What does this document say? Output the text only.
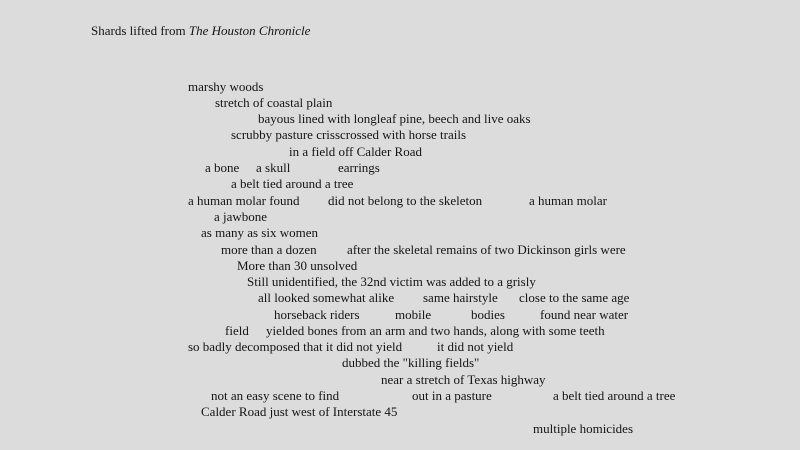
Shards lifted from The Houston Chronicle
marshy woods
stretch of coastal plain
bayous lined with longleaf pine, beech and live oaks
scrubby pasture crisscrossed with horse trails
in a field off Calder Road
a bone a skull	earrings
a belt tied around a tree
a human molar found did not belong to the skeleton	a human molar
a jawbone
as many as six women
more than a dozen after the skeletal remains of two Dickinson girls were
More than 30 unsolved
Still unidentified, the 32nd victim was added to a grisly
all looked somewhat alike same hairstyle close to the same age
horseback riders	mobile	bodies	found near water
field yielded bones from an arm and two hands, along with some teeth
so badly decomposed that it did not yield	it did not yield
dubbed the "killing fields"
near a stretch of Texas highway
not an easy scene to find	out in a pasture	a belt tied around a tree
Calder Road just west of Interstate 45
multiple homicides
